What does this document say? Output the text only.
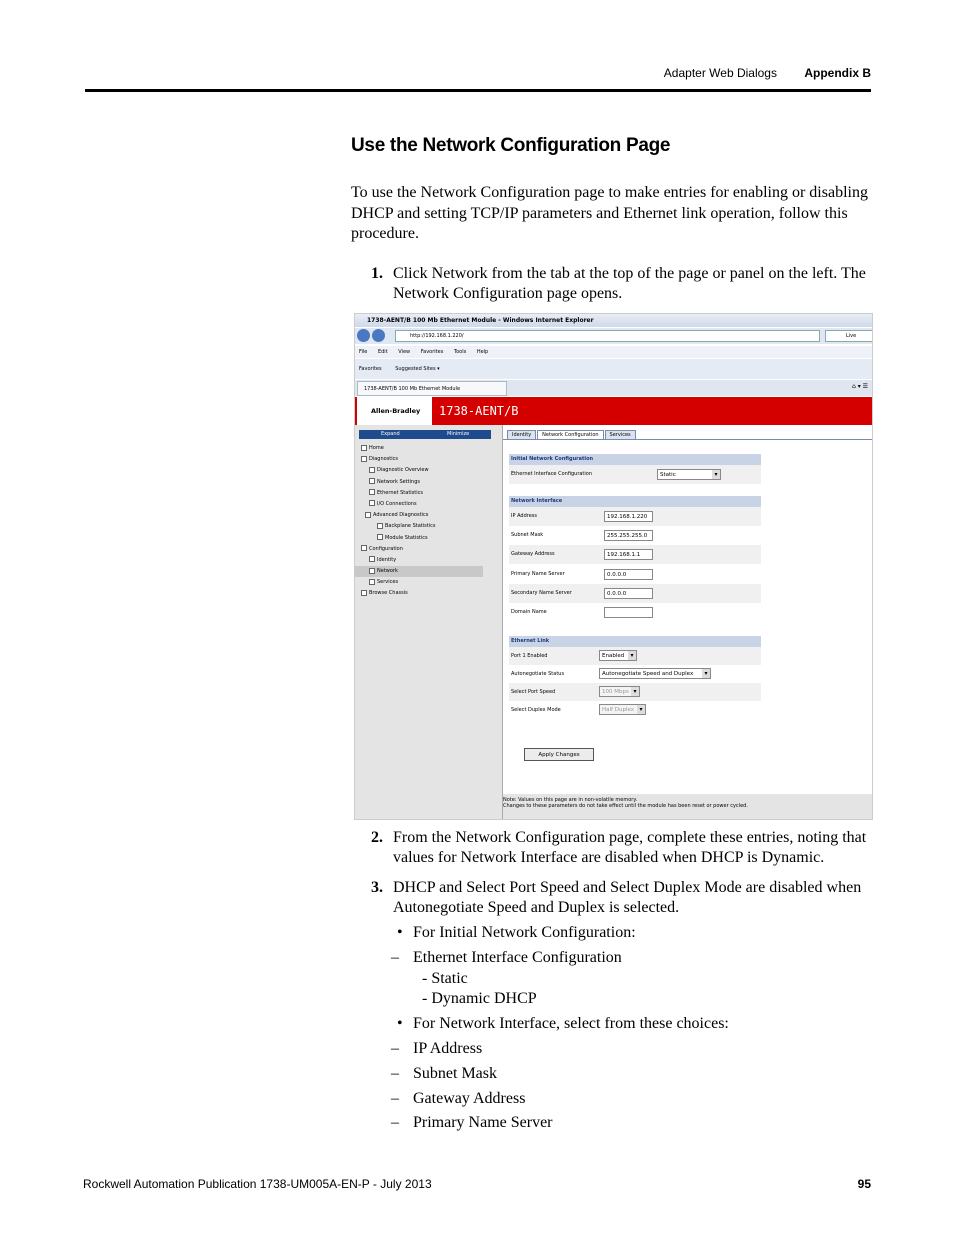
Adapter Web Dialogs Appendix B
Use the Network Configuration Page

To use the Network Configuration page to make entries for enabling or disabling DHCP and setting TCP/IP parameters and Ethernet link operation, follow this procedure.

1. Click Network from the tab at the top of the page or panel on the left. The Network Configuration page opens.
1738-AENT/B 100 Mb Ethernet Module - Windows Internet Explorer
http://192.168.1.220/	Live
File Edit View Favorites Tools Help
Favorites	Suggested Sites ▾
1738-AENT/B 100 Mb Ethernet Module	⌂ ▾ ☰
Allen-Bradley	1738-AENT/B
Expand	Minimize
Home
Diagnostics
Diagnostic Overview
Network Settings
Ethernet Statistics
I/O Connections
Advanced Diagnostics
Backplane Statistics
Module Statistics
Configuration
Identity
Network
Services
Browse Chassis
Identity Network Configuration Services
Initial Network Configuration
Ethernet Interface Configuration	Static ▾
Network Interface
IP Address	192.168.1.220
Subnet Mask	255.255.255.0
Gateway Address	192.168.1.1
Primary Name Server	0.0.0.0
Secondary Name Server	0.0.0.0
Domain Name
Ethernet Link
Port 1 Enabled	Enabled ▾
Autonegotiate Status	Autonegotiate Speed and Duplex ▾
Select Port Speed	100 Mbps ▾
Select Duplex Mode	Half Duplex ▾
Apply Changes
Note: Values on this page are in non-volatile memory.
Changes to these parameters do not take effect until the module has been reset or power cycled.
2. From the Network Configuration page, complete these entries, noting that values for Network Interface are disabled when DHCP is Dynamic.
3. DHCP and Select Port Speed and Select Duplex Mode are disabled when Autonegotiate Speed and Duplex is selected.
• For Initial Network Configuration:
– Ethernet Interface Configuration
- Static
- Dynamic DHCP
• For Network Interface, select from these choices:
– IP Address
– Subnet Mask
– Gateway Address
– Primary Name Server
Rockwell Automation Publication 1738-UM005A-EN-P - July 2013	95
